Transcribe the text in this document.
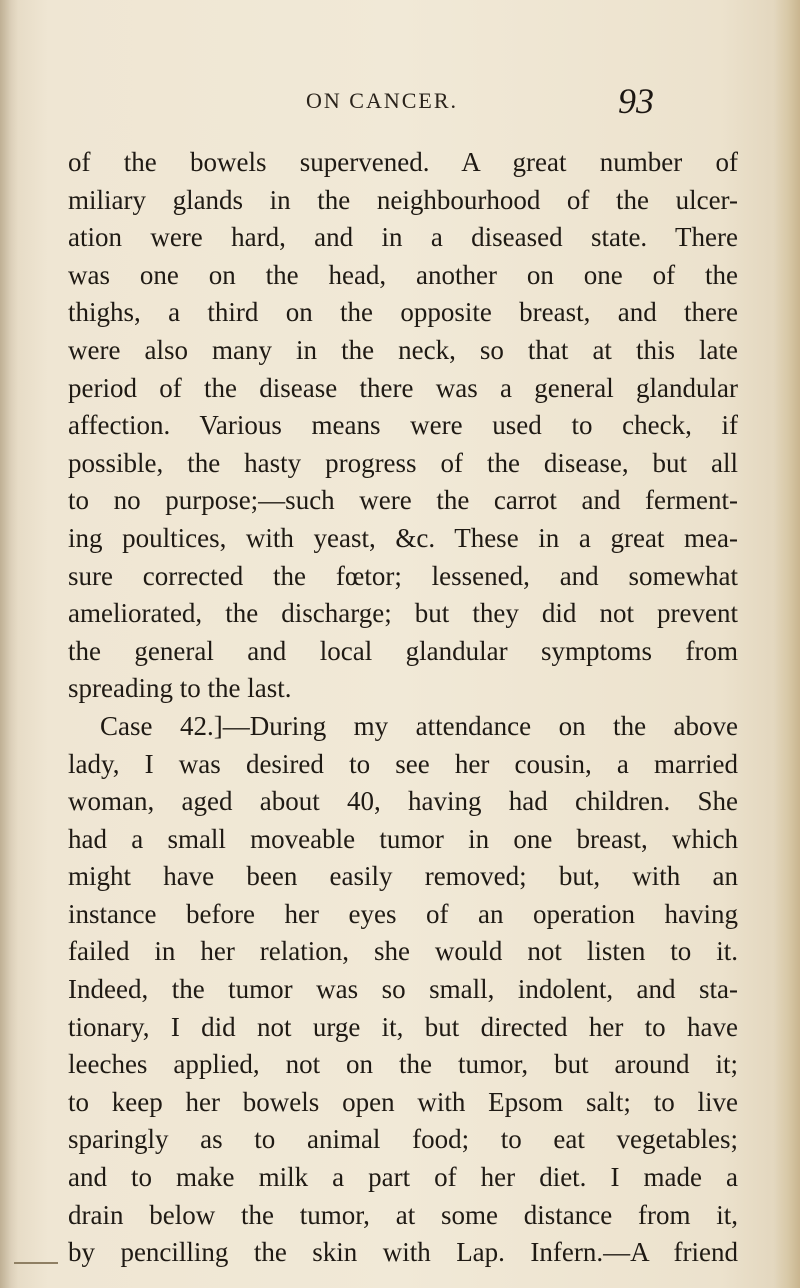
ON CANCER.	93
of the bowels supervened. A great number of
miliary glands in the neighbourhood of the ulcer-
ation were hard, and in a diseased state. There
was one on the head, another on one of the
thighs, a third on the opposite breast, and there
were also many in the neck, so that at this late
period of the disease there was a general glandular
affection. Various means were used to check, if
possible, the hasty progress of the disease, but all
to no purpose;—such were the carrot and ferment-
ing poultices, with yeast, &c. These in a great mea-
sure corrected the fœtor; lessened, and somewhat
ameliorated, the discharge; but they did not prevent
the general and local glandular symptoms from
spreading to the last.
Case 42.]—During my attendance on the above
lady, I was desired to see her cousin, a married
woman, aged about 40, having had children. She
had a small moveable tumor in one breast, which
might have been easily removed; but, with an
instance before her eyes of an operation having
failed in her relation, she would not listen to it.
Indeed, the tumor was so small, indolent, and sta-
tionary, I did not urge it, but directed her to have
leeches applied, not on the tumor, but around it;
to keep her bowels open with Epsom salt; to live
sparingly as to animal food; to eat vegetables;
and to make milk a part of her diet. I made a
drain below the tumor, at some distance from it,
by pencilling the skin with Lap. Infern.—A friend
